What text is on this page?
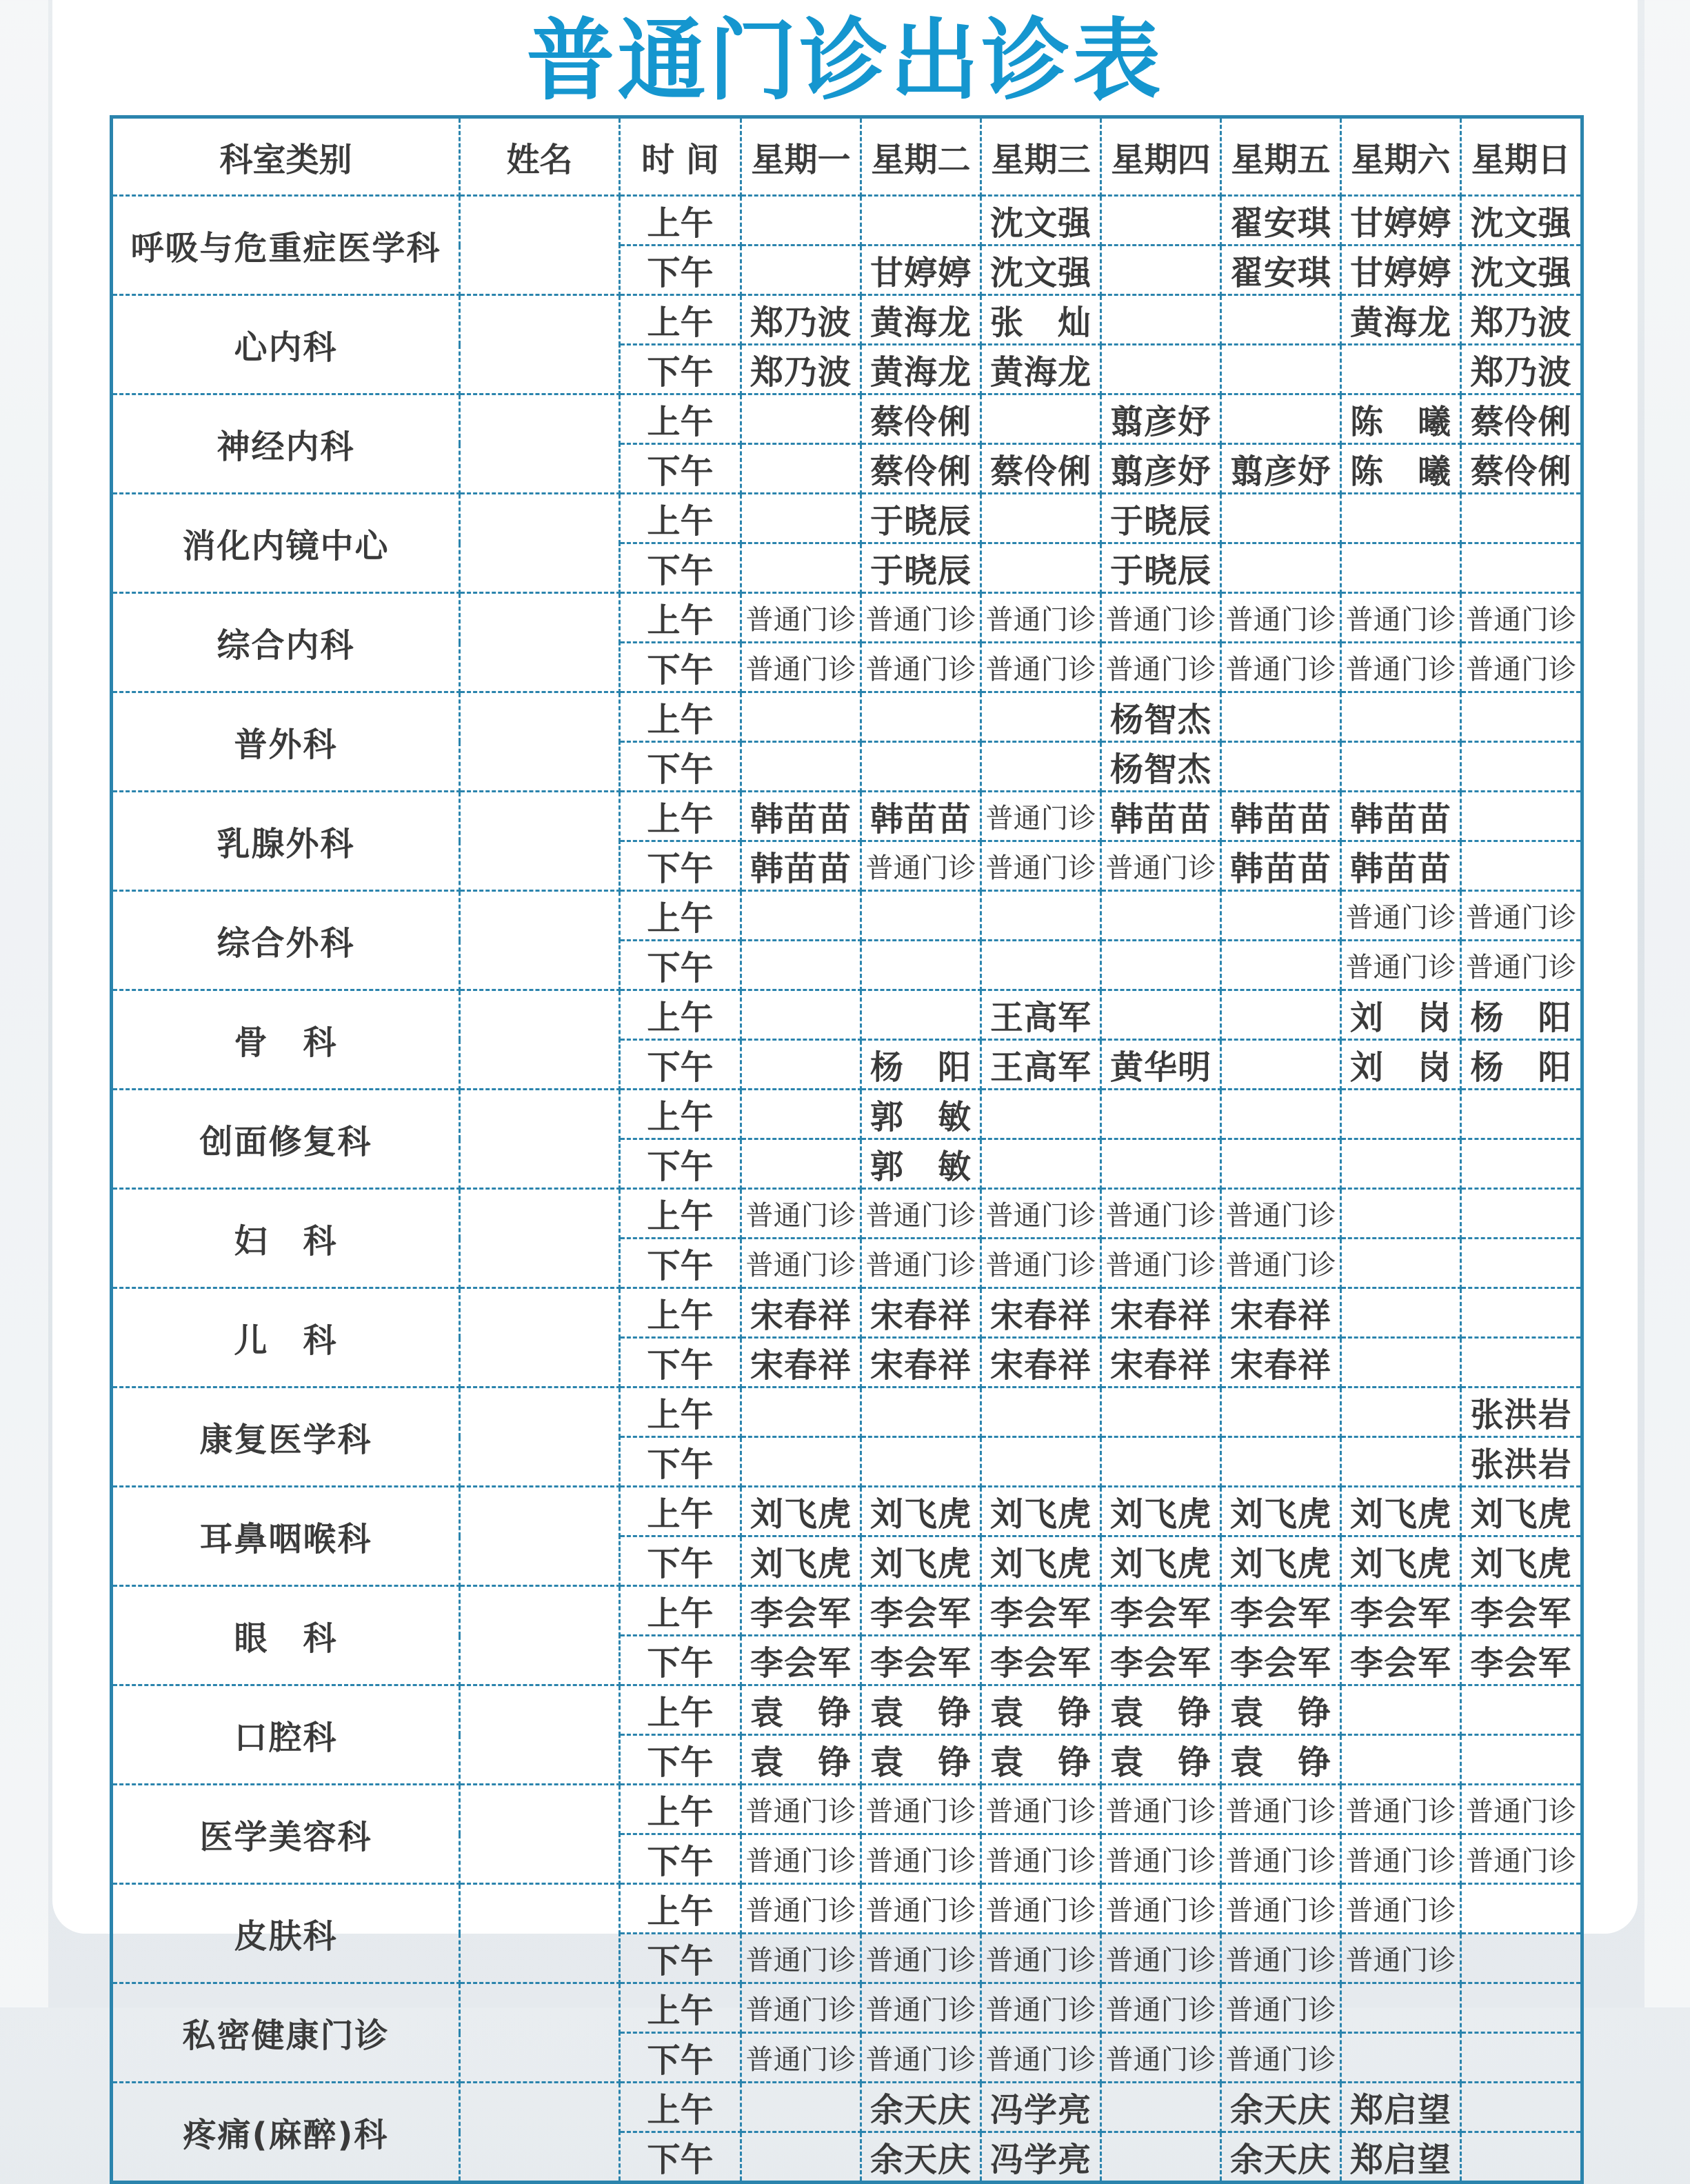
普通门诊出诊表
科室类别	姓名	时 间	星期一	星期二	星期三	星期四	星期五	星期六	星期日
呼吸与危重症医学科		上午			沈文强		翟安琪	甘婷婷	沈文强
		下午		甘婷婷	沈文强		翟安琪	甘婷婷	沈文强
心内科		上午	郑乃波	黄海龙	张　灿			黄海龙	郑乃波
		下午	郑乃波	黄海龙	黄海龙				郑乃波
神经内科		上午		蔡伶俐		翦彦妤		陈　曦	蔡伶俐
		下午		蔡伶俐	蔡伶俐	翦彦妤	翦彦妤	陈　曦	蔡伶俐
消化内镜中心		上午		于晓辰		于晓辰			
		下午		于晓辰		于晓辰			
综合内科		上午	普通门诊	普通门诊	普通门诊	普通门诊	普通门诊	普通门诊	普通门诊
		下午	普通门诊	普通门诊	普通门诊	普通门诊	普通门诊	普通门诊	普通门诊
普外科		上午				杨智杰			
		下午				杨智杰			
乳腺外科		上午	韩苗苗	韩苗苗	普通门诊	韩苗苗	韩苗苗	韩苗苗	
		下午	韩苗苗	普通门诊	普通门诊	普通门诊	韩苗苗	韩苗苗	
综合外科		上午						普通门诊	普通门诊
		下午						普通门诊	普通门诊
骨　科		上午			王高军			刘　岗	杨　阳
		下午		杨　阳	王高军	黄华明		刘　岗	杨　阳
创面修复科		上午		郭　敏					
		下午		郭　敏					
妇　科		上午	普通门诊	普通门诊	普通门诊	普通门诊	普通门诊		
		下午	普通门诊	普通门诊	普通门诊	普通门诊	普通门诊		
儿　科		上午	宋春祥	宋春祥	宋春祥	宋春祥	宋春祥		
		下午	宋春祥	宋春祥	宋春祥	宋春祥	宋春祥		
康复医学科		上午							张洪岩
		下午							张洪岩
耳鼻咽喉科		上午	刘飞虎	刘飞虎	刘飞虎	刘飞虎	刘飞虎	刘飞虎	刘飞虎
		下午	刘飞虎	刘飞虎	刘飞虎	刘飞虎	刘飞虎	刘飞虎	刘飞虎
眼　科		上午	李会军	李会军	李会军	李会军	李会军	李会军	李会军
		下午	李会军	李会军	李会军	李会军	李会军	李会军	李会军
口腔科		上午	袁　铮	袁　铮	袁　铮	袁　铮	袁　铮		
		下午	袁　铮	袁　铮	袁　铮	袁　铮	袁　铮		
医学美容科		上午	普通门诊	普通门诊	普通门诊	普通门诊	普通门诊	普通门诊	普通门诊
		下午	普通门诊	普通门诊	普通门诊	普通门诊	普通门诊	普通门诊	普通门诊
皮肤科		上午	普通门诊	普通门诊	普通门诊	普通门诊	普通门诊	普通门诊	
		下午	普通门诊	普通门诊	普通门诊	普通门诊	普通门诊	普通门诊	
私密健康门诊		上午	普通门诊	普通门诊	普通门诊	普通门诊	普通门诊		
		下午	普通门诊	普通门诊	普通门诊	普通门诊	普通门诊		
疼痛(麻醉)科		上午		余天庆	冯学亮		余天庆	郑启望	
		下午		余天庆	冯学亮		余天庆	郑启望	
